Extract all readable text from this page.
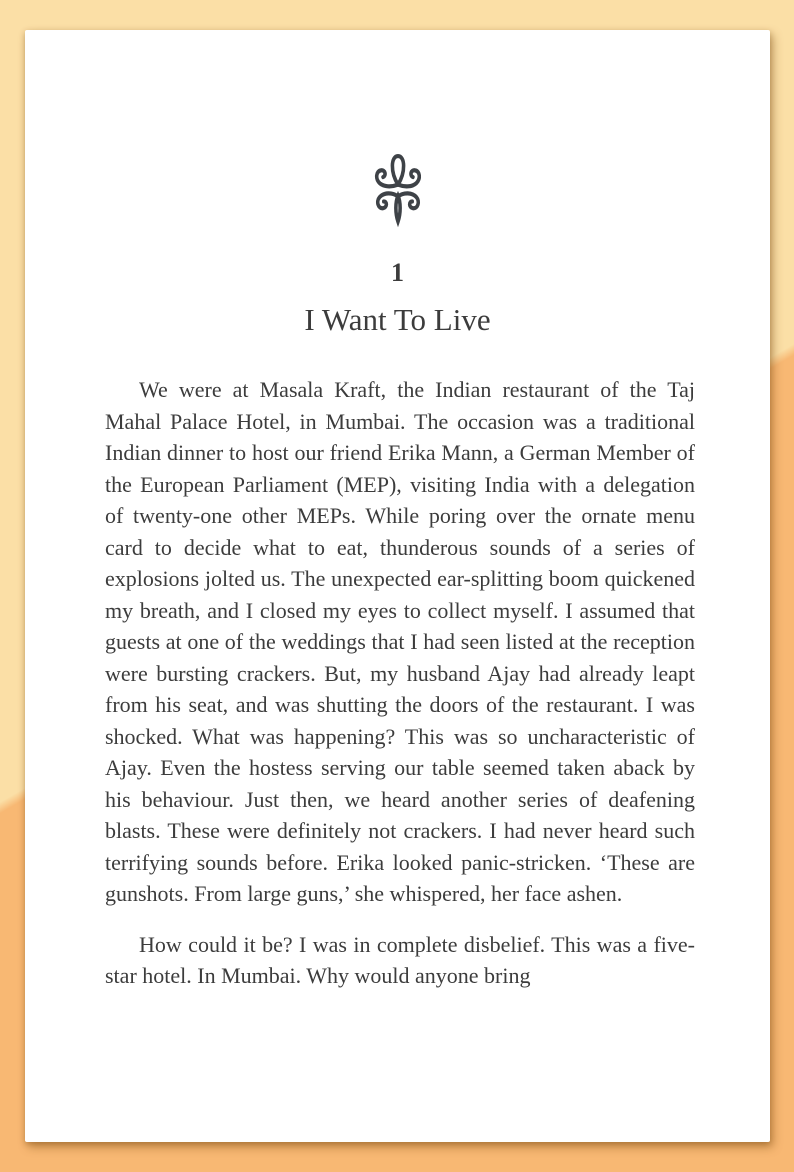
1
I Want To Live

We were at Masala Kraft, the Indian restaurant of the Taj Mahal Palace Hotel, in Mumbai. The occasion was a traditional Indian dinner to host our friend Erika Mann, a German Member of the European Parliament (MEP), visiting India with a delegation of twenty-one other MEPs. While poring over the ornate menu card to decide what to eat, thunderous sounds of a series of explosions jolted us. The unexpected ear-splitting boom quickened my breath, and I closed my eyes to collect myself. I assumed that guests at one of the weddings that I had seen listed at the reception were bursting crackers. But, my husband Ajay had already leapt from his seat, and was shutting the doors of the restaurant. I was shocked. What was happening? This was so uncharacteristic of Ajay. Even the hostess serving our table seemed taken aback by his behaviour. Just then, we heard another series of deafening blasts. These were definitely not crackers. I had never heard such terrifying sounds before. Erika looked panic-stricken. ‘These are gunshots. From large guns,’ she whispered, her face ashen.

How could it be? I was in complete disbelief. This was a five-star hotel. In Mumbai. Why would anyone bring
